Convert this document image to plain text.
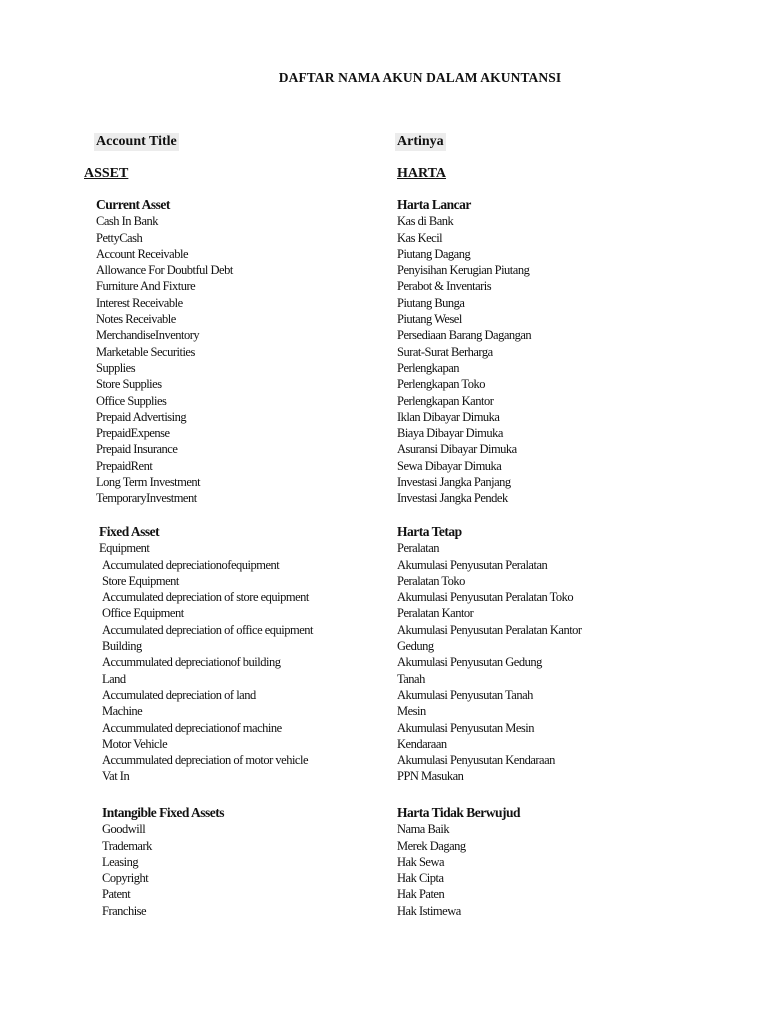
DAFTAR NAMA AKUN DALAM AKUNTANSI
Account Title	Artinya
ASSET	HARTA
Current Asset
Cash In Bank
PettyCash
Account Receivable
Allowance For Doubtful Debt
Furniture And Fixture
Interest Receivable
Notes Receivable
MerchandiseInventory
Marketable Securities
Supplies
Store Supplies
Office Supplies
Prepaid Advertising
PrepaidExpense
Prepaid Insurance
PrepaidRent
Long Term Investment
TemporaryInvestment
Harta Lancar
Kas di Bank
Kas Kecil
Piutang Dagang
Penyisihan Kerugian Piutang
Perabot & Inventaris
Piutang Bunga
Piutang Wesel
Persediaan Barang Dagangan
Surat-Surat Berharga
Perlengkapan
Perlengkapan Toko
Perlengkapan Kantor
Iklan Dibayar Dimuka
Biaya Dibayar Dimuka
Asuransi Dibayar Dimuka
Sewa Dibayar Dimuka
Investasi Jangka Panjang
Investasi Jangka Pendek
Fixed Asset
Equipment
Accumulated depreciationofequipment
Store Equipment
Accumulated depreciation of store equipment
Office Equipment
Accumulated depreciation of office equipment
Building
Accummulated depreciationof building
Land
Accumulated depreciation of land
Machine
Accummulated depreciationof machine
Motor Vehicle
Accummulated depreciation of motor vehicle
Vat In
Harta Tetap
Peralatan
Akumulasi Penyusutan Peralatan
Peralatan Toko
Akumulasi Penyusutan Peralatan Toko
Peralatan Kantor
Akumulasi Penyusutan Peralatan Kantor
Gedung
Akumulasi Penyusutan Gedung
Tanah
Akumulasi Penyusutan Tanah
Mesin
Akumulasi Penyusutan Mesin
Kendaraan
Akumulasi Penyusutan Kendaraan
PPN Masukan
Intangible Fixed Assets
Goodwill
Trademark
Leasing
Copyright
Patent
Franchise
Harta Tidak Berwujud
Nama Baik
Merek Dagang
Hak Sewa
Hak Cipta
Hak Paten
Hak Istimewa
